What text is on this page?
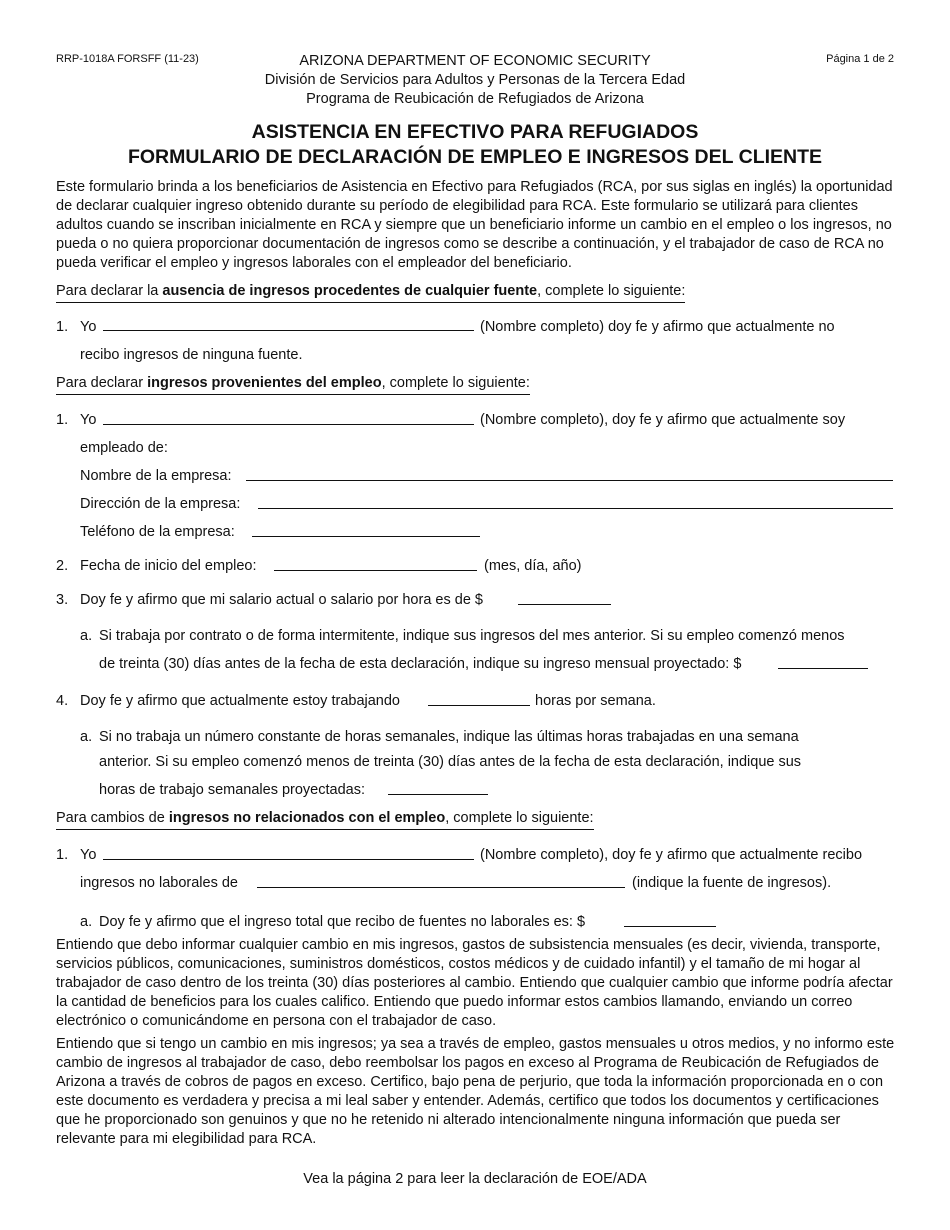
RRP-1018A FORSFF (11-23)	Página 1 de 2
ARIZONA DEPARTMENT OF ECONOMIC SECURITY
División de Servicios para Adultos y Personas de la Tercera Edad
Programa de Reubicación de Refugiados de Arizona
ASISTENCIA EN EFECTIVO PARA REFUGIADOS
FORMULARIO DE DECLARACIÓN DE EMPLEO E INGRESOS DEL CLIENTE
Este formulario brinda a los beneficiarios de Asistencia en Efectivo para Refugiados (RCA, por sus siglas en inglés) la oportunidad de declarar cualquier ingreso obtenido durante su período de elegibilidad para RCA. Este formulario se utilizará para clientes adultos cuando se inscriban inicialmente en RCA y siempre que un beneficiario informe un cambio en el empleo o los ingresos, no pueda o no quiera proporcionar documentación de ingresos como se describe a continuación, y el trabajador de caso de RCA no pueda verificar el empleo y ingresos laborales con el empleador del beneficiario.
Para declarar la ausencia de ingresos procedentes de cualquier fuente, complete lo siguiente:
1. Yo	(Nombre completo) doy fe y afirmo que actualmente no
recibo ingresos de ninguna fuente.
Para declarar ingresos provenientes del empleo, complete lo siguiente:
1. Yo	(Nombre completo), doy fe y afirmo que actualmente soy
empleado de:
Nombre de la empresa:
Dirección de la empresa:
Teléfono de la empresa:
2. Fecha de inicio del empleo:	(mes, día, año)
3. Doy fe y afirmo que mi salario actual o salario por hora es de $
a. Si trabaja por contrato o de forma intermitente, indique sus ingresos del mes anterior. Si su empleo comenzó menos
de treinta (30) días antes de la fecha de esta declaración, indique su ingreso mensual proyectado: $
4. Doy fe y afirmo que actualmente estoy trabajando	horas por semana.
a. Si no trabaja un número constante de horas semanales, indique las últimas horas trabajadas en una semana
anterior. Si su empleo comenzó menos de treinta (30) días antes de la fecha de esta declaración, indique sus
horas de trabajo semanales proyectadas:
Para cambios de ingresos no relacionados con el empleo, complete lo siguiente:
1. Yo	(Nombre completo), doy fe y afirmo que actualmente recibo
ingresos no laborales de	(indique la fuente de ingresos).
a. Doy fe y afirmo que el ingreso total que recibo de fuentes no laborales es: $
Entiendo que debo informar cualquier cambio en mis ingresos, gastos de subsistencia mensuales (es decir, vivienda, transporte, servicios públicos, comunicaciones, suministros domésticos, costos médicos y de cuidado infantil) y el tamaño de mi hogar al trabajador de caso dentro de los treinta (30) días posteriores al cambio. Entiendo que cualquier cambio que informe podría afectar la cantidad de beneficios para los cuales califico. Entiendo que puedo informar estos cambios llamando, enviando un correo electrónico o comunicándome en persona con el trabajador de caso.
Entiendo que si tengo un cambio en mis ingresos; ya sea a través de empleo, gastos mensuales u otros medios, y no informo este cambio de ingresos al trabajador de caso, debo reembolsar los pagos en exceso al Programa de Reubicación de Refugiados de Arizona a través de cobros de pagos en exceso. Certifico, bajo pena de perjurio, que toda la información proporcionada en o con este documento es verdadera y precisa a mi leal saber y entender. Además, certifico que todos los documentos y certificaciones que he proporcionado son genuinos y que no he retenido ni alterado intencionalmente ninguna información que pueda ser relevante para mi elegibilidad para RCA.
Vea la página 2 para leer la declaración de EOE/ADA
